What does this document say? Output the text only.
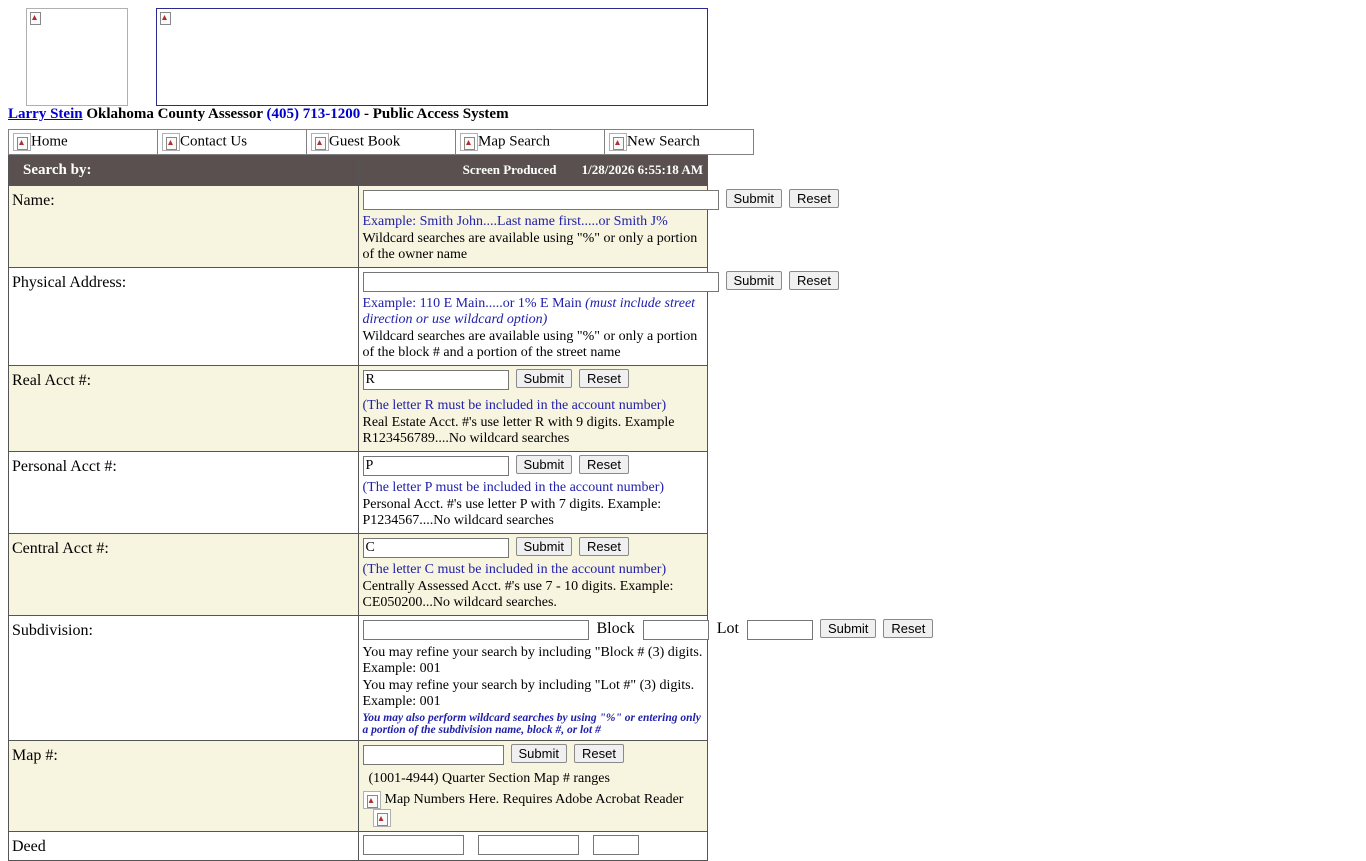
Larry Stein Oklahoma County Assessor (405) 713-1200 - Public Access System
Home	Contact Us	Guest Book	Map Search	New Search
Search by:	Screen Produced 1/28/2026 6:55:18 AM
Name:	Submit Reset
Example: Smith John....Last name first.....or Smith J%
Wildcard searches are available using "%" or only a portion of the owner name

Physical Address:	Submit Reset
Example: 110 E Main.....or 1% E Main (must include street direction or use wildcard option)
Wildcard searches are available using "%" or only a portion of the block # and a portion of the street name

Real Acct #:	
RSubmit Reset
(The letter R must be included in the account number)
Real Estate Acct. #'s use letter R with 9 digits. Example R123456789....No wildcard searches

Personal Acct #:	
PSubmit Reset
(The letter P must be included in the account number)
Personal Acct. #'s use letter P with 7 digits. Example: P1234567....No wildcard searches

Central Acct #:	
CSubmit Reset
(The letter C must be included in the account number)
Centrally Assessed Acct. #'s use 7 - 10 digits. Example: CE050200...No wildcard searches.

Subdivision:	Block Lot Submit Reset
You may refine your search by including "Block # (3) digits. Example: 001
You may refine your search by including "Lot #" (3) digits. Example: 001
You may also perform wildcard searches by using "%" or entering only a portion of the subdivision name, block #, or lot #

Map #:	Submit Reset
(1001-4944) Quarter Section Map # ranges
Map Numbers Here. Requires Adobe Acrobat Reader

Deed	
